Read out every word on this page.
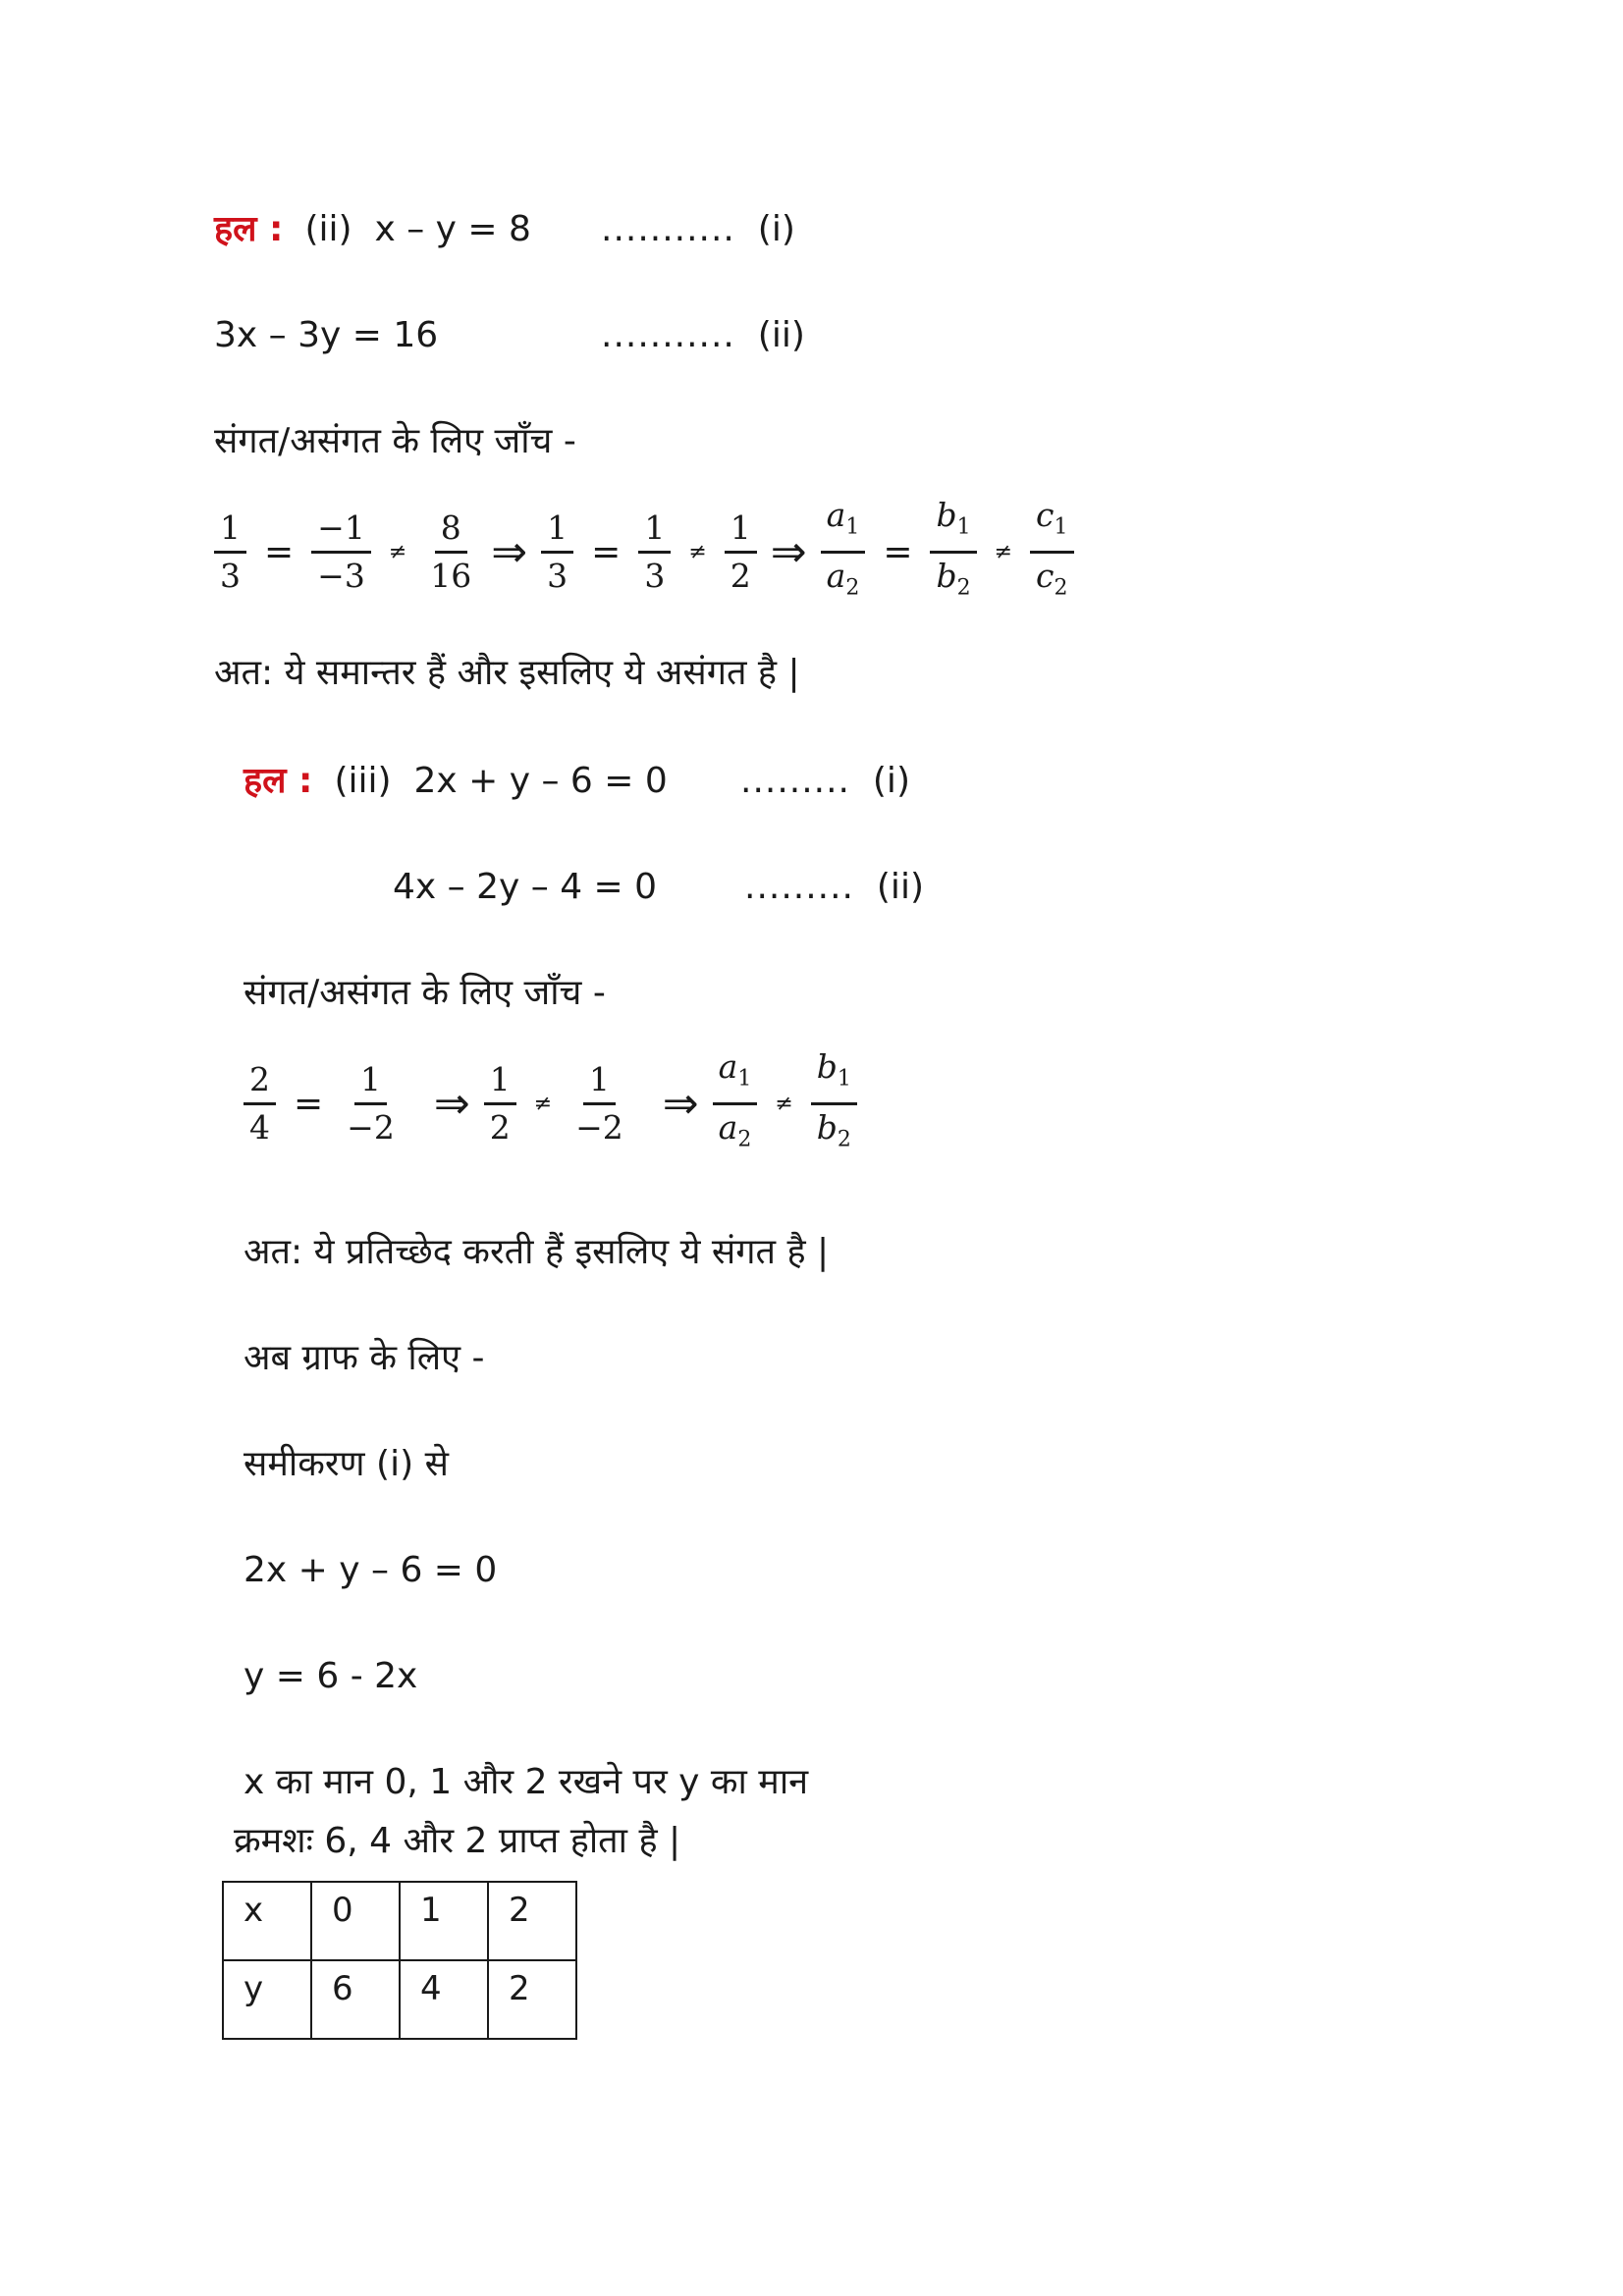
हल : (ii) x – y = 8 ........... (i)
3x – 3y = 16	........... (ii)
संगत/असंगत के लिए जाँच -
$\frac{1}{3} = \frac{-1}{-3} \ne \frac{8}{16}$ ⇒ $\frac{1}{3} = \frac{1}{3} \ne \frac{1}{2}$ ⇒ $\frac{a_1}{a_2} = \frac{b_1}{b_2} \ne \frac{c_1}{c_2}$
अत: ये समान्तर हैं और इसलिए ये असंगत है |
हल : (iii) 2x + y – 6 = 0 ......... (i)
4x – 2y – 4 = 0 ......... (ii)
संगत/असंगत के लिए जाँच -
$\frac{2}{4} = \frac{1}{-2}$ ⇒ $\frac{1}{2} \ne \frac{1}{-2}$ ⇒ $\frac{a_1}{a_2} \ne \frac{b_1}{b_2}$
अत: ये प्रतिच्छेद करती हैं इसलिए ये संगत है |
अब ग्राफ के लिए -
समीकरण (i) से
2x + y – 6 = 0
y = 6 - 2x
x का मान 0, 1 और 2 रखने पर y का मान
क्रमशः 6, 4 और 2 प्राप्त होता है |
x	0	1	2
y	6	4	2
